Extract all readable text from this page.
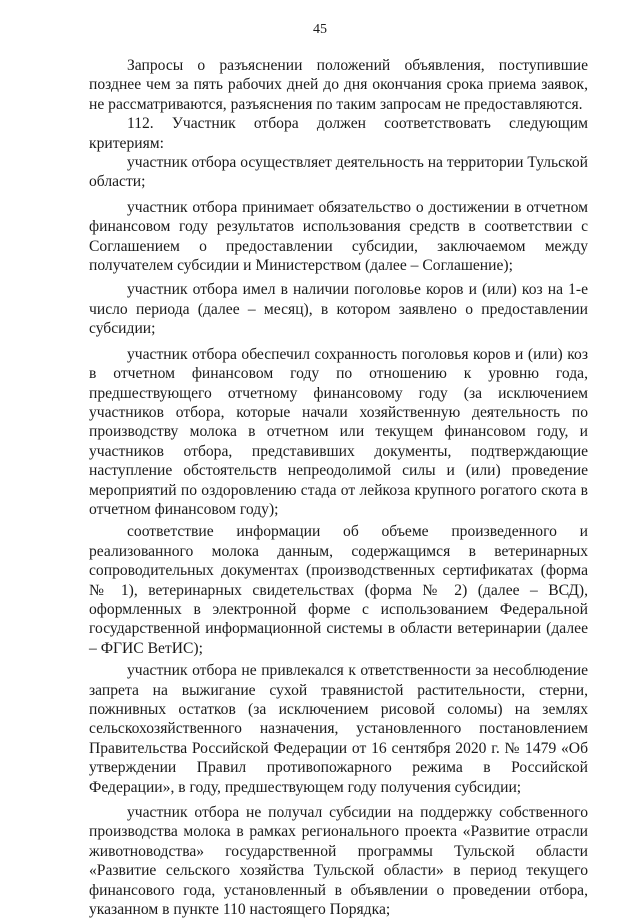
45

Запросы о разъяснении положений объявления, поступившие позднее чем за пять рабочих дней до дня окончания срока приема заявок, не рассматриваются, разъяснения по таким запросам не предоставляются.

112. Участник отбора должен соответствовать следующим критериям:

участник отбора осуществляет деятельность на территории Тульской области;

участник отбора принимает обязательство о достижении в отчетном финансовом году результатов использования средств в соответствии с Соглашением о предоставлении субсидии, заключаемом между получателем субсидии и Министерством (далее – Соглашение);

участник отбора имел в наличии поголовье коров и (или) коз на 1-е число периода (далее – месяц), в котором заявлено о предоставлении субсидии;

участник отбора обеспечил сохранность поголовья коров и (или) коз в отчетном финансовом году по отношению к уровню года, предшествующего отчетному финансовому году (за исключением участников отбора, которые начали хозяйственную деятельность по производству молока в отчетном или текущем финансовом году, и участников отбора, представивших документы, подтверждающие наступление обстоятельств непреодолимой силы и (или) проведение мероприятий по оздоровлению стада от лейкоза крупного рогатого скота в отчетном финансовом году);

соответствие информации об объеме произведенного и реализованного молока данным, содержащимся в ветеринарных сопроводительных документах (производственных сертификатах (форма № 1), ветеринарных свидетельствах (форма № 2) (далее – ВСД), оформленных в электронной форме с использованием Федеральной государственной информационной системы в области ветеринарии (далее – ФГИС ВетИС);

участник отбора не привлекался к ответственности за несоблюдение запрета на выжигание сухой травянистой растительности, стерни, пожнивных остатков (за исключением рисовой соломы) на землях сельскохозяйственного назначения, установленного постановлением Правительства Российской Федерации от 16 сентября 2020 г. № 1479 «Об утверждении Правил противопожарного режима в Российской Федерации», в году, предшествующем году получения субсидии;

участник отбора не получал субсидии на поддержку собственного производства молока в рамках регионального проекта «Развитие отрасли животноводства» государственной программы Тульской области «Развитие сельского хозяйства Тульской области» в период текущего финансового года, установленный в объявлении о проведении отбора, указанном в пункте 110 настоящего Порядка;
